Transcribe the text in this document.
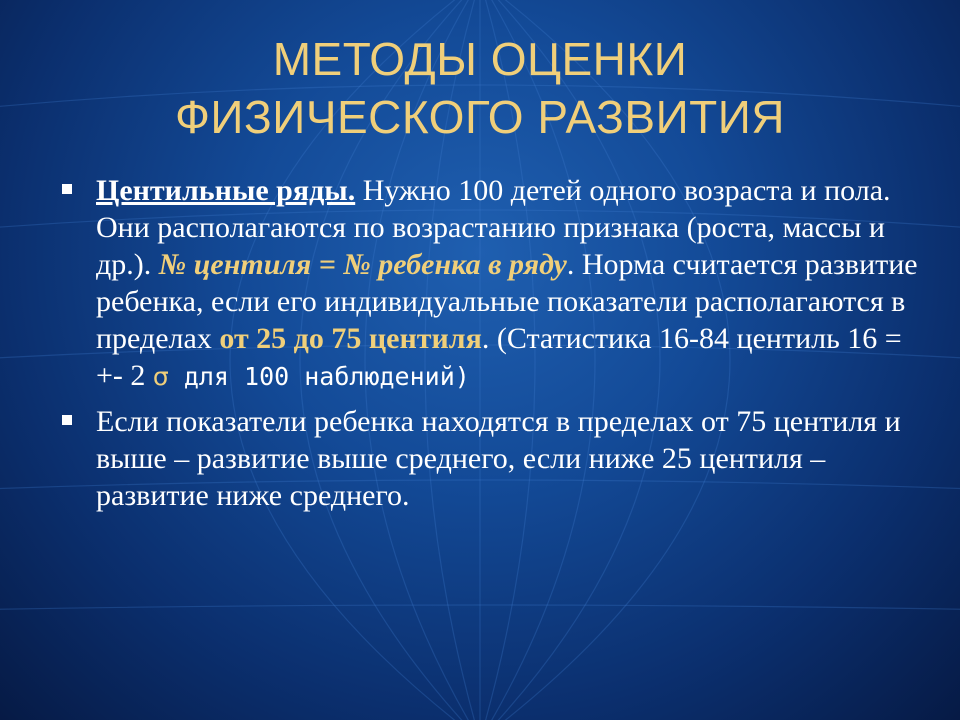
МЕТОДЫ ОЦЕНКИ
ФИЗИЧЕСКОГО РАЗВИТИЯ
Центильные ряды. Нужно 100 детей одного возраста и пола. Они располагаются по возрастанию признака (роста, массы и др.). № центиля = № ребенка в ряду. Норма считается развитие ребенка, если его индивидуальные показатели располагаются в пределах от 25 до 75 центиля. (Статистика 16-84 центиль 16 = +- 2 σ для 100 наблюдений)
Если показатели ребенка находятся в пределах от 75 центиля и выше – развитие выше среднего, если ниже 25 центиля – развитие ниже среднего.
